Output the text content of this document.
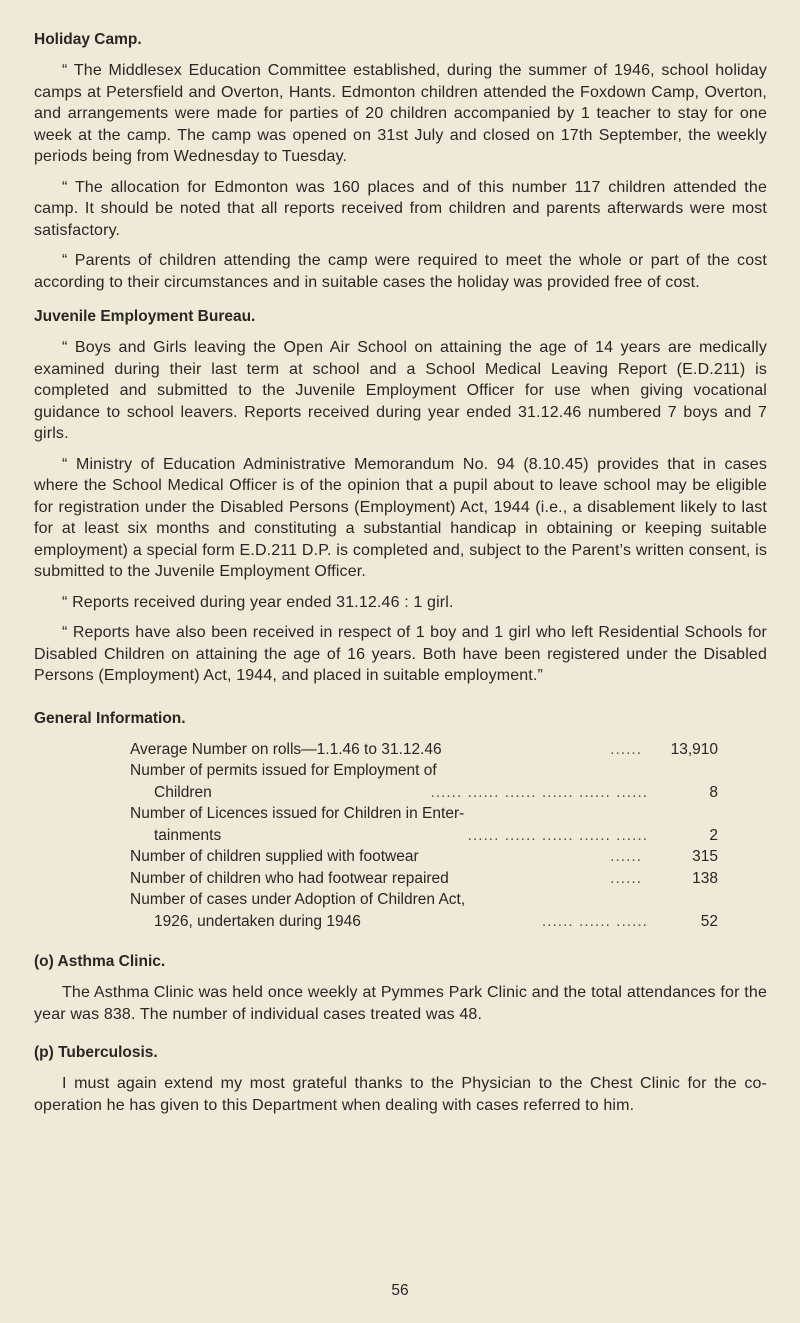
Holiday Camp.

“ The Middlesex Education Committee established, during the summer of 1946, school holiday camps at Petersfield and Overton, Hants. Edmonton children attended the Foxdown Camp, Overton, and arrangements were made for parties of 20 children accompanied by 1 teacher to stay for one week at the camp. The camp was opened on 31st July and closed on 17th September, the weekly periods being from Wednesday to Tuesday.

“ The allocation for Edmonton was 160 places and of this number 117 children attended the camp. It should be noted that all reports received from children and parents afterwards were most satisfactory.

“ Parents of children attending the camp were required to meet the whole or part of the cost according to their circumstances and in suitable cases the holiday was provided free of cost.

Juvenile Employment Bureau.

“ Boys and Girls leaving the Open Air School on attaining the age of 14 years are medically examined during their last term at school and a School Medical Leaving Report (E.D.211) is completed and submitted to the Juvenile Employment Officer for use when giving vocational guidance to school leavers. Reports received during year ended 31.12.46 numbered 7 boys and 7 girls.

“ Ministry of Education Administrative Memorandum No. 94 (8.10.45) provides that in cases where the School Medical Officer is of the opinion that a pupil about to leave school may be eligible for registration under the Disabled Persons (Employment) Act, 1944 (i.e., a disablement likely to last for at least six months and constituting a substantial handicap in obtaining or keeping suitable employment) a special form E.D.211 D.P. is completed and, subject to the Parent’s written consent, is submitted to the Juvenile Employment Officer.

“ Reports received during year ended 31.12.46 : 1 girl.

“ Reports have also been received in respect of 1 boy and 1 girl who left Residential Schools for Disabled Children on attaining the age of 16 years. Both have been registered under the Disabled Persons (Employment) Act, 1944, and placed in suitable employment.”

General Information.
Average Number on rolls—1.1.46 to 31.12.46	......	13,910
Number of permits issued for Employment of
Children	...... ...... ...... ...... ...... ......	8
Number of Licences issued for Children in Enter-
tainments	...... ...... ...... ...... ......	2
Number of children supplied with footwear	......	315
Number of children who had footwear repaired	......	138
Number of cases under Adoption of Children Act,
1926, undertaken during 1946	...... ...... ......	52
(o) Asthma Clinic.

The Asthma Clinic was held once weekly at Pymmes Park Clinic and the total attendances for the year was 838. The number of individual cases treated was 48.

(p) Tuberculosis.

I must again extend my most grateful thanks to the Physician to the Chest Clinic for the co-operation he has given to this Department when dealing with cases referred to him.

56
